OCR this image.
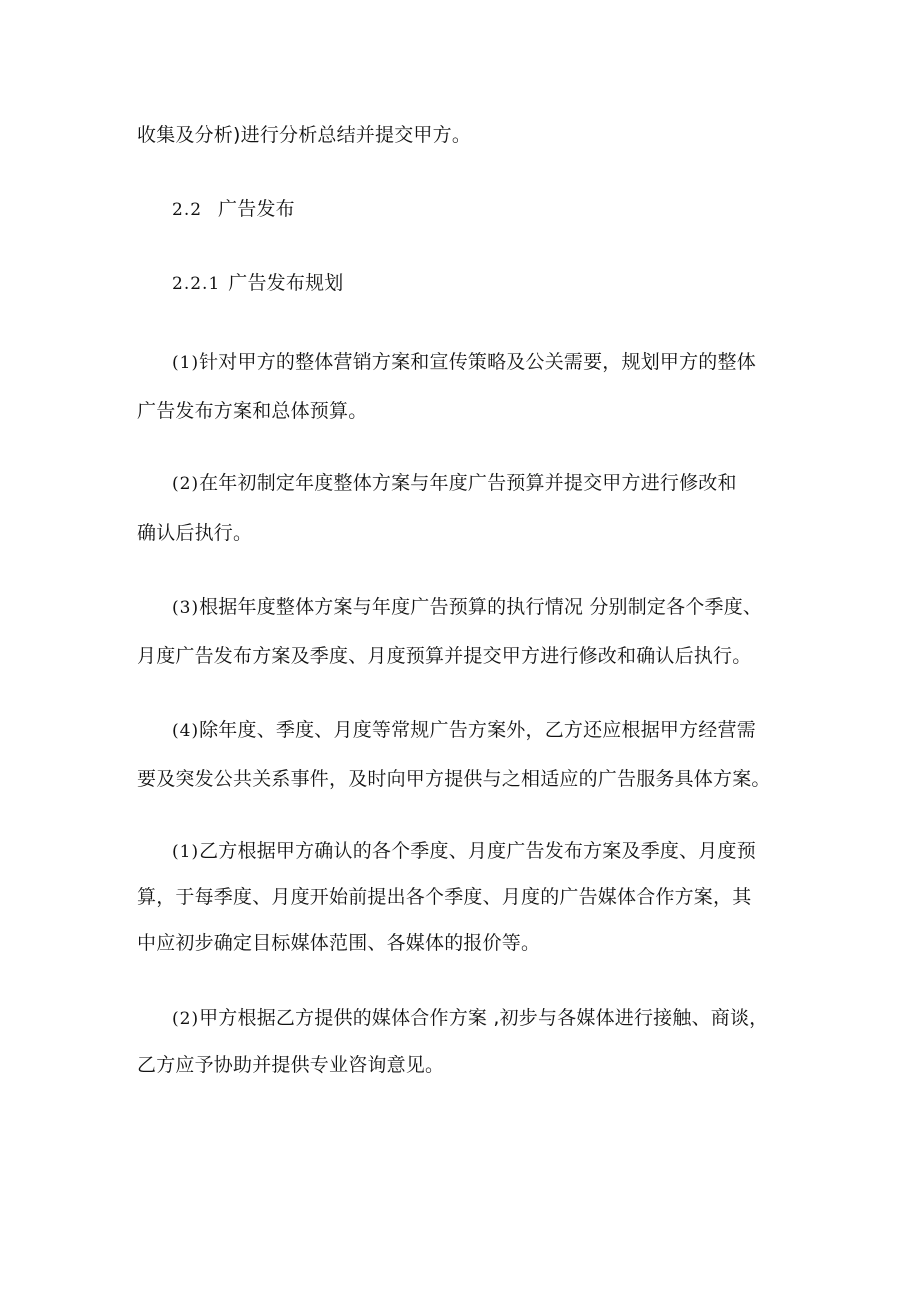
收集及分析)进行分析总结并提交甲方。
2.2 广告发布
2.2.1 广告发布规划
(1)针对甲方的整体营销方案和宣传策略及公关需要，规划甲方的整体
广告发布方案和总体预算。
(2)在年初制定年度整体方案与年度广告预算并提交甲方进行修改和
确认后执行。
(3)根据年度整体方案与年度广告预算的执行情况 分别制定各个季度、
月度广告发布方案及季度、月度预算并提交甲方进行修改和确认后执行。
(4)除年度、季度、月度等常规广告方案外，乙方还应根据甲方经营需
要及突发公共关系事件，及时向甲方提供与之相适应的广告服务具体方案。
(1)乙方根据甲方确认的各个季度、月度广告发布方案及季度、月度预
算，于每季度、月度开始前提出各个季度、月度的广告媒体合作方案，其
中应初步确定目标媒体范围、各媒体的报价等。
(2)甲方根据乙方提供的媒体合作方案 ,初步与各媒体进行接触、商谈，
乙方应予协助并提供专业咨询意见。
